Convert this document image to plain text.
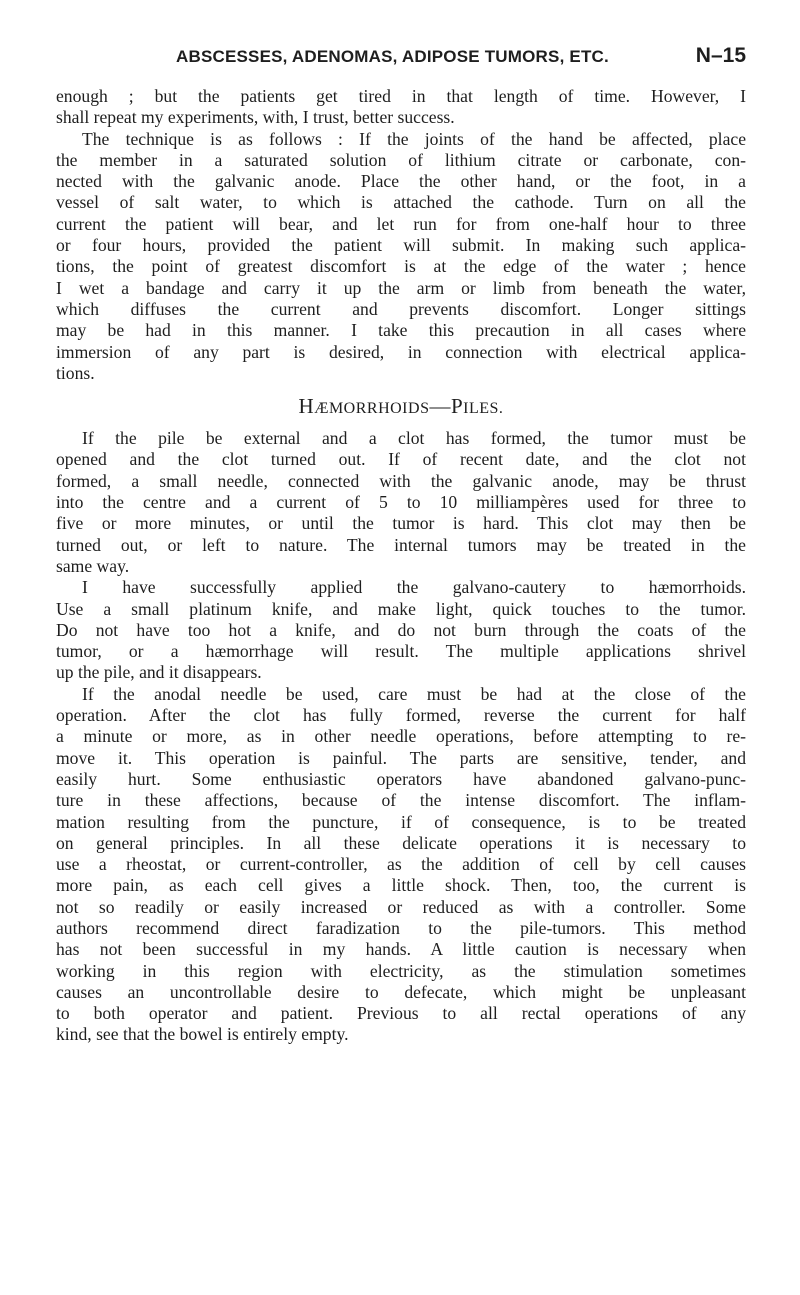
ABSCESSES, ADENOMAS, ADIPOSE TUMORS, ETC.	N–15
enough ; but the patients get tired in that length of time. However, I
shall repeat my experiments, with, I trust, better success.
The technique is as follows : If the joints of the hand be affected, place
the member in a saturated solution of lithium citrate or carbonate, con-
nected with the galvanic anode. Place the other hand, or the foot, in a
vessel of salt water, to which is attached the cathode. Turn on all the
current the patient will bear, and let run for from one-half hour to three
or four hours, provided the patient will submit. In making such applica-
tions, the point of greatest discomfort is at the edge of the water ; hence
I wet a bandage and carry it up the arm or limb from beneath the water,
which diffuses the current and prevents discomfort. Longer sittings
may be had in this manner. I take this precaution in all cases where
immersion of any part is desired, in connection with electrical applica-
tions.
HÆMORRHOIDS—PILES.
If the pile be external and a clot has formed, the tumor must be
opened and the clot turned out. If of recent date, and the clot not
formed, a small needle, connected with the galvanic anode, may be thrust
into the centre and a current of 5 to 10 milliampères used for three to
five or more minutes, or until the tumor is hard. This clot may then be
turned out, or left to nature. The internal tumors may be treated in the
same way.
I have successfully applied the galvano-cautery to hæmorrhoids.
Use a small platinum knife, and make light, quick touches to the tumor.
Do not have too hot a knife, and do not burn through the coats of the
tumor, or a hæmorrhage will result. The multiple applications shrivel
up the pile, and it disappears.
If the anodal needle be used, care must be had at the close of the
operation. After the clot has fully formed, reverse the current for half
a minute or more, as in other needle operations, before attempting to re-
move it. This operation is painful. The parts are sensitive, tender, and
easily hurt. Some enthusiastic operators have abandoned galvano-punc-
ture in these affections, because of the intense discomfort. The inflam-
mation resulting from the puncture, if of consequence, is to be treated
on general principles. In all these delicate operations it is necessary to
use a rheostat, or current-controller, as the addition of cell by cell causes
more pain, as each cell gives a little shock. Then, too, the current is
not so readily or easily increased or reduced as with a controller. Some
authors recommend direct faradization to the pile-tumors. This method
has not been successful in my hands. A little caution is necessary when
working in this region with electricity, as the stimulation sometimes
causes an uncontrollable desire to defecate, which might be unpleasant
to both operator and patient. Previous to all rectal operations of any
kind, see that the bowel is entirely empty.
